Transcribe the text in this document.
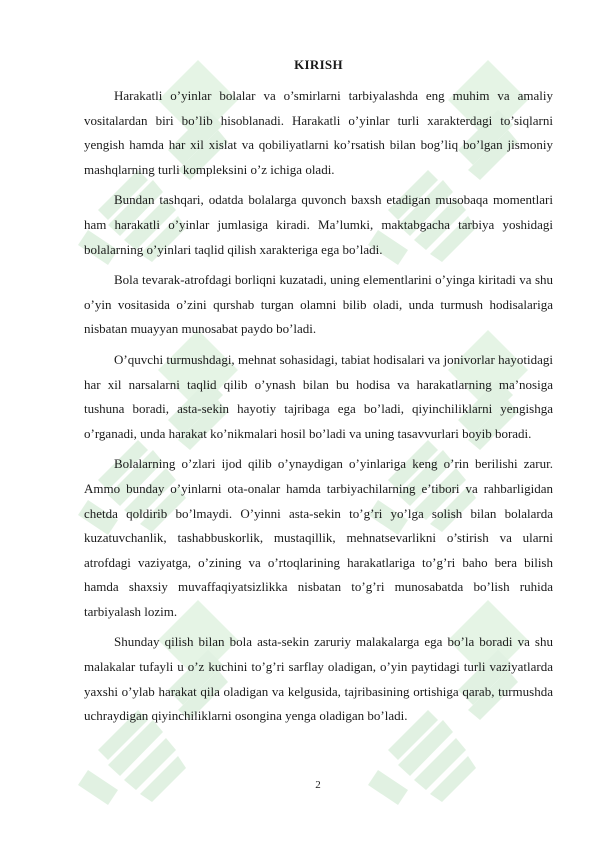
KIRISH

Harakatli o’yinlar bolalar va o’smirlarni tarbiyalashda eng muhim va amaliy vositalardan biri bo’lib hisoblanadi. Harakatli o’yinlar turli xarakterdagi to’siqlarni yengish hamda har xil xislat va qobiliyatlarni ko’rsatish bilan bog’liq bo’lgan jismoniy mashqlarning turli kompleksini o’z ichiga oladi.

Bundan tashqari, odatda bolalarga quvonch baxsh etadigan musobaqa momentlari ham harakatli o’yinlar jumlasiga kiradi. Ma’lumki, maktabgacha tarbiya yoshidagi bolalarning o’yinlari taqlid qilish xarakteriga ega bo’ladi.

Bola tevarak-atrofdagi borliqni kuzatadi, uning elementlarini o’yinga kiritadi va shu o’yin vositasida o’zini qurshab turgan olamni bilib oladi, unda turmush hodisalariga nisbatan muayyan munosabat paydo bo’ladi.

O’quvchi turmushdagi, mehnat sohasidagi, tabiat hodisalari va jonivorlar hayotidagi har xil narsalarni taqlid qilib o’ynash bilan bu hodisa va harakatlarning ma’nosiga tushuna boradi, asta-sekin hayotiy tajribaga ega bo’ladi, qiyinchiliklarni yengishga o’rganadi, unda harakat ko’nikmalari hosil bo’ladi va uning tasavvurlari boyib boradi.

Bolalarning o’zlari ijod qilib o’ynaydigan o’yinlariga keng o’rin berilishi zarur. Ammo bunday o’yinlarni ota-onalar hamda tarbiyachilarning e’tibori va rahbarligidan chetda qoldirib bo’lmaydi. O’yinni asta-sekin to’g’ri yo’lga solish bilan bolalarda kuzatuvchanlik, tashabbuskorlik, mustaqillik, mehnatsevarlikni o’stirish va ularni atrofdagi vaziyatga, o’zining va o’rtoqlarining harakatlariga to’g’ri baho bera bilish hamda shaxsiy muvaffaqiyatsizlikka nisbatan to’g’ri munosabatda bo’lish ruhida tarbiyalash lozim.

Shunday qilish bilan bola asta-sekin zaruriy malakalarga ega bo’la boradi va shu malakalar tufayli u o’z kuchini to’g’ri sarflay oladigan, o’yin paytidagi turli vaziyatlarda yaxshi o’ylab harakat qila oladigan va kelgusida, tajribasining ortishiga qarab, turmushda uchraydigan qiyinchiliklarni osongina yenga oladigan bo’ladi.

2
